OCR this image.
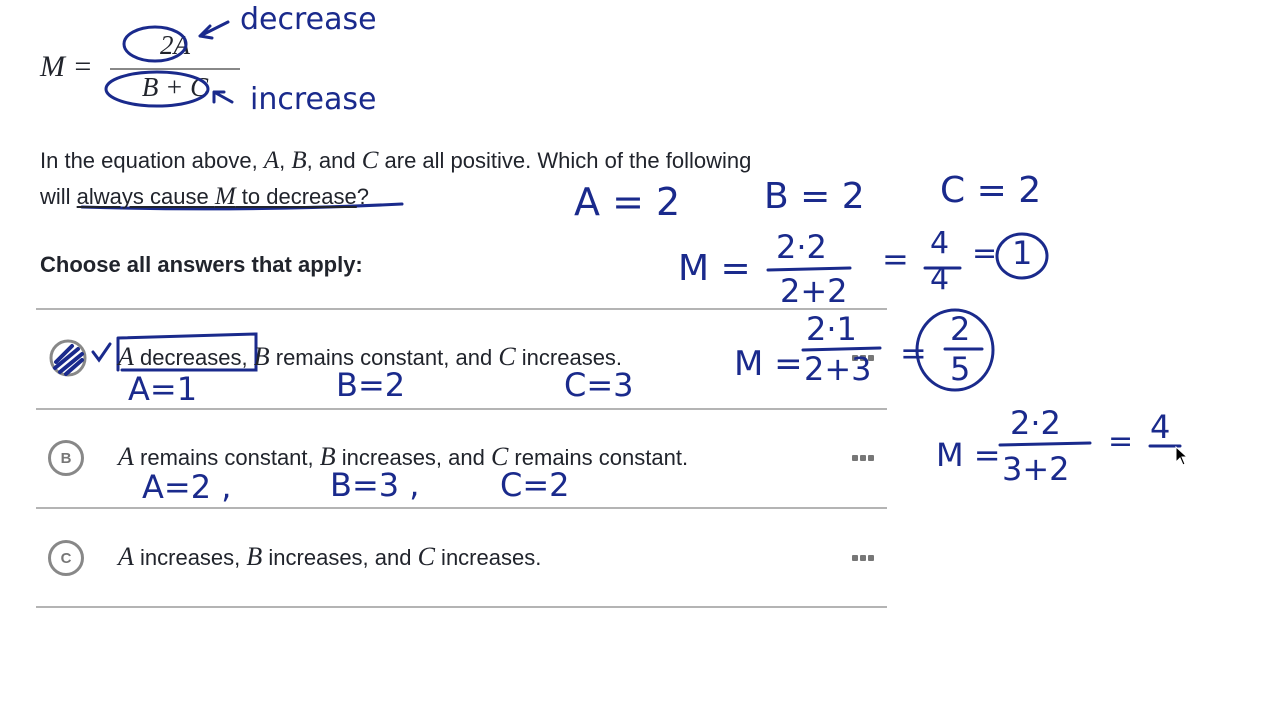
M =
2A
B + C
decrease
increase
In the equation above, A, B, and C are all positive. Which of the following
will always cause M to decrease?
Choose all answers that apply:
A decreases, B remains constant, and C increases.
B	A remains constant, B increases, and C remains constant.
C	A increases, B increases, and C increases.
A = 2 B = 2 C = 2
M =
2·2
2+2
= 4
4
= 1
A=1	B=2	C=3
M =
2·1
2+3 =
2
5
A=2 ,	B=3 ,	C=2
M =
2·2
3+2
= 4
